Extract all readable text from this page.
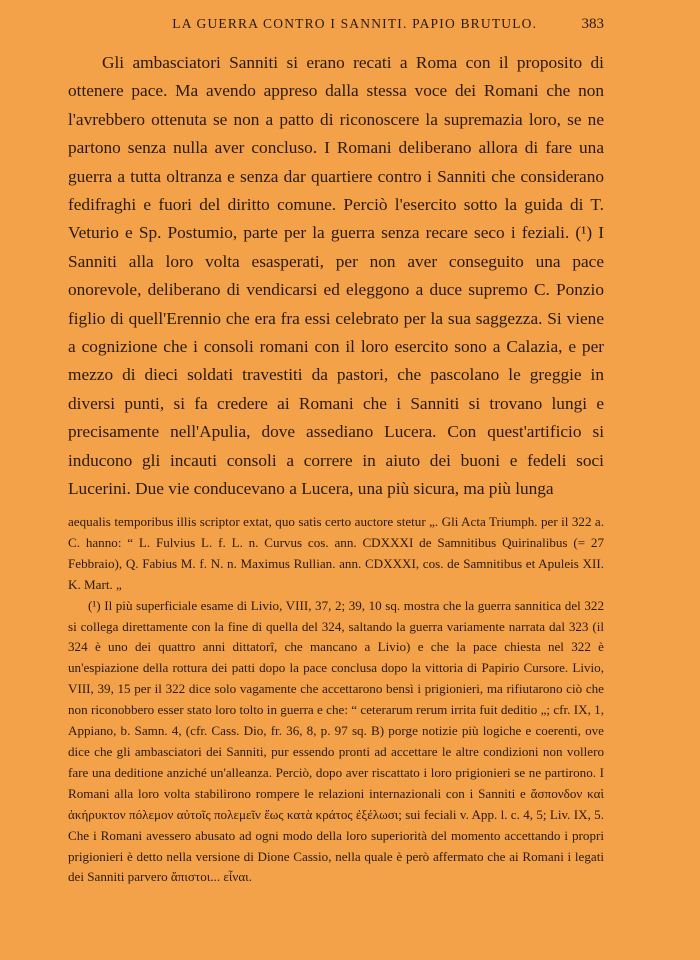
LA GUERRA CONTRO I SANNITI. PAPIO BRUTULO.	383

Gli ambasciatori Sanniti si erano recati a Roma con il proposito di ottenere pace. Ma avendo appreso dalla stessa voce dei Romani che non l'avrebbero ottenuta se non a patto di riconoscere la supremazia loro, se ne partono senza nulla aver concluso. I Romani deliberano allora di fare una guerra a tutta oltranza e senza dar quartiere contro i Sanniti che considerano fedifraghi e fuori del diritto comune. Perciò l'esercito sotto la guida di T. Veturio e Sp. Postumio, parte per la guerra senza recare seco i feziali. (¹) I Sanniti alla loro volta esasperati, per non aver conseguito una pace onorevole, deliberano di vendicarsi ed eleggono a duce supremo C. Ponzio figlio di quell'Erennio che era fra essi celebrato per la sua saggezza. Si viene a cognizione che i consoli romani con il loro esercito sono a Calazia, e per mezzo di dieci soldati travestiti da pastori, che pascolano le greggie in diversi punti, si fa credere ai Romani che i Sanniti si trovano lungi e precisamente nell'Apulia, dove assediano Lucera. Con quest'artificio si inducono gli incauti consoli a correre in aiuto dei buoni e fedeli soci Lucerini. Due vie conducevano a Lucera, una più sicura, ma più lunga

aequalis temporibus illis scriptor extat, quo satis certo auctore stetur „. Gli Acta Triumph. per il 322 a. C. hanno: “ L. Fulvius L. f. L. n. Curvus cos. ann. CDXXXI de Samnitibus Quirinalibus (= 27 Febbraio), Q. Fabius M. f. N. n. Maximus Rullian. ann. CDXXXI, cos. de Samnitibus et Apuleis XII. K. Mart. „

(¹) Il più superficiale esame di Livio, VIII, 37, 2; 39, 10 sq. mostra che la guerra sannitica del 322 si collega direttamente con la fine di quella del 324, saltando la guerra variamente narrata dal 323 (il 324 è uno dei quattro anni dittatorî, che mancano a Livio) e che la pace chiesta nel 322 è un'espiazione della rottura dei patti dopo la pace conclusa dopo la vittoria di Papirio Cursore. Livio, VIII, 39, 15 per il 322 dice solo vagamente che accettarono bensì i prigionieri, ma rifiutarono ciò che non riconobbero esser stato loro tolto in guerra e che: “ ceterarum rerum irrita fuit deditio „; cfr. IX, 1, Appiano, b. Samn. 4, (cfr. Cass. Dio, fr. 36, 8, p. 97 sq. B) porge notizie più logiche e coerenti, ove dice che gli ambasciatori dei Sanniti, pur essendo pronti ad accettare le altre condizioni non vollero fare una deditione anziché un'alleanza. Perciò, dopo aver riscattato i loro prigionieri se ne partirono. I Romani alla loro volta stabilirono rompere le relazioni internazionali con i Sanniti e ἄσπονδον καὶ ἀκήρυκτον πόλεμον αὐτοῖς πολεμεῖν ἕως κατὰ κράτος ἐξέλωσι; sui feciali v. App. l. c. 4, 5; Liv. IX, 5. Che i Romani avessero abusato ad ogni modo della loro superiorità del momento accettando i propri prigionieri è detto nella versione di Dione Cassio, nella quale è però affermato che ai Romani i legati dei Sanniti parvero ἄπιστοι... εἶναι.
